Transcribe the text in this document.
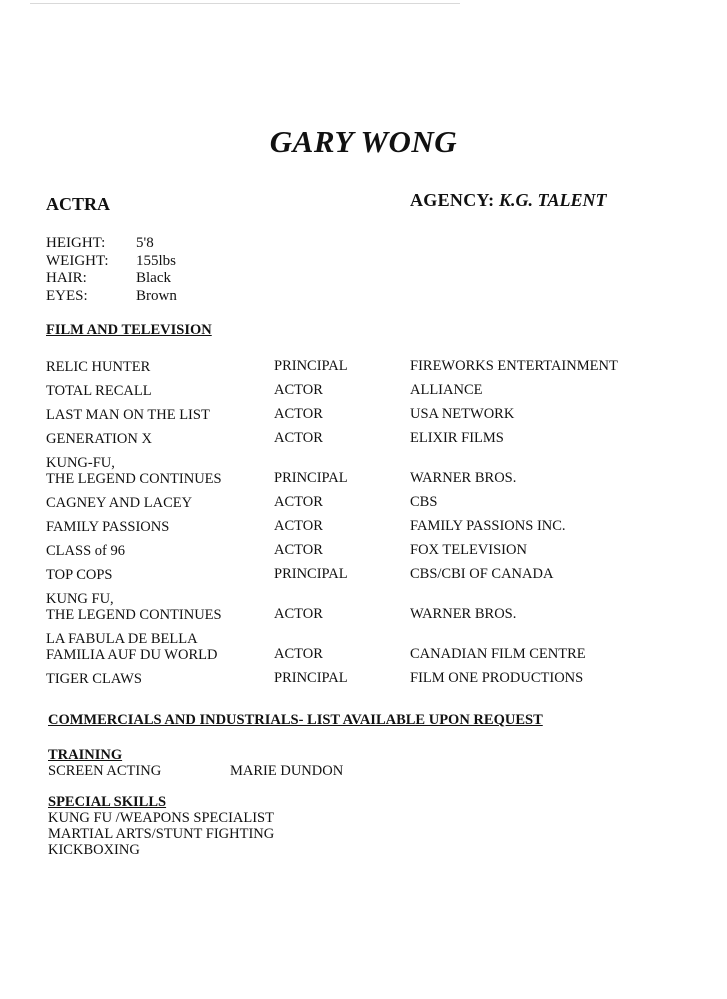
GARY WONG
ACTRA	AGENCY: K.G. TALENT
HEIGHT:	5'8
WEIGHT:	155lbs
HAIR:	Black
EYES:	Brown
FILM AND TELEVISION
RELIC HUNTER	PRINCIPAL	FIREWORKS ENTERTAINMENT
TOTAL RECALL	ACTOR	ALLIANCE
LAST MAN ON THE LIST	ACTOR	USA NETWORK
GENERATION X	ACTOR	ELIXIR FILMS
KUNG-FU,
THE LEGEND CONTINUES	PRINCIPAL	WARNER BROS.
CAGNEY AND LACEY	ACTOR	CBS
FAMILY PASSIONS	ACTOR	FAMILY PASSIONS INC.
CLASS of 96	ACTOR	FOX TELEVISION
TOP COPS	PRINCIPAL	CBS/CBI OF CANADA
KUNG FU,
THE LEGEND CONTINUES	ACTOR	WARNER BROS.
LA FABULA DE BELLA
FAMILIA AUF DU WORLD	ACTOR	CANADIAN FILM CENTRE
TIGER CLAWS	PRINCIPAL	FILM ONE PRODUCTIONS
COMMERCIALS AND INDUSTRIALS- LIST AVAILABLE UPON REQUEST
TRAINING
SCREEN ACTING	MARIE DUNDON
SPECIAL SKILLS
KUNG FU /WEAPONS SPECIALIST
MARTIAL ARTS/STUNT FIGHTING
KICKBOXING
